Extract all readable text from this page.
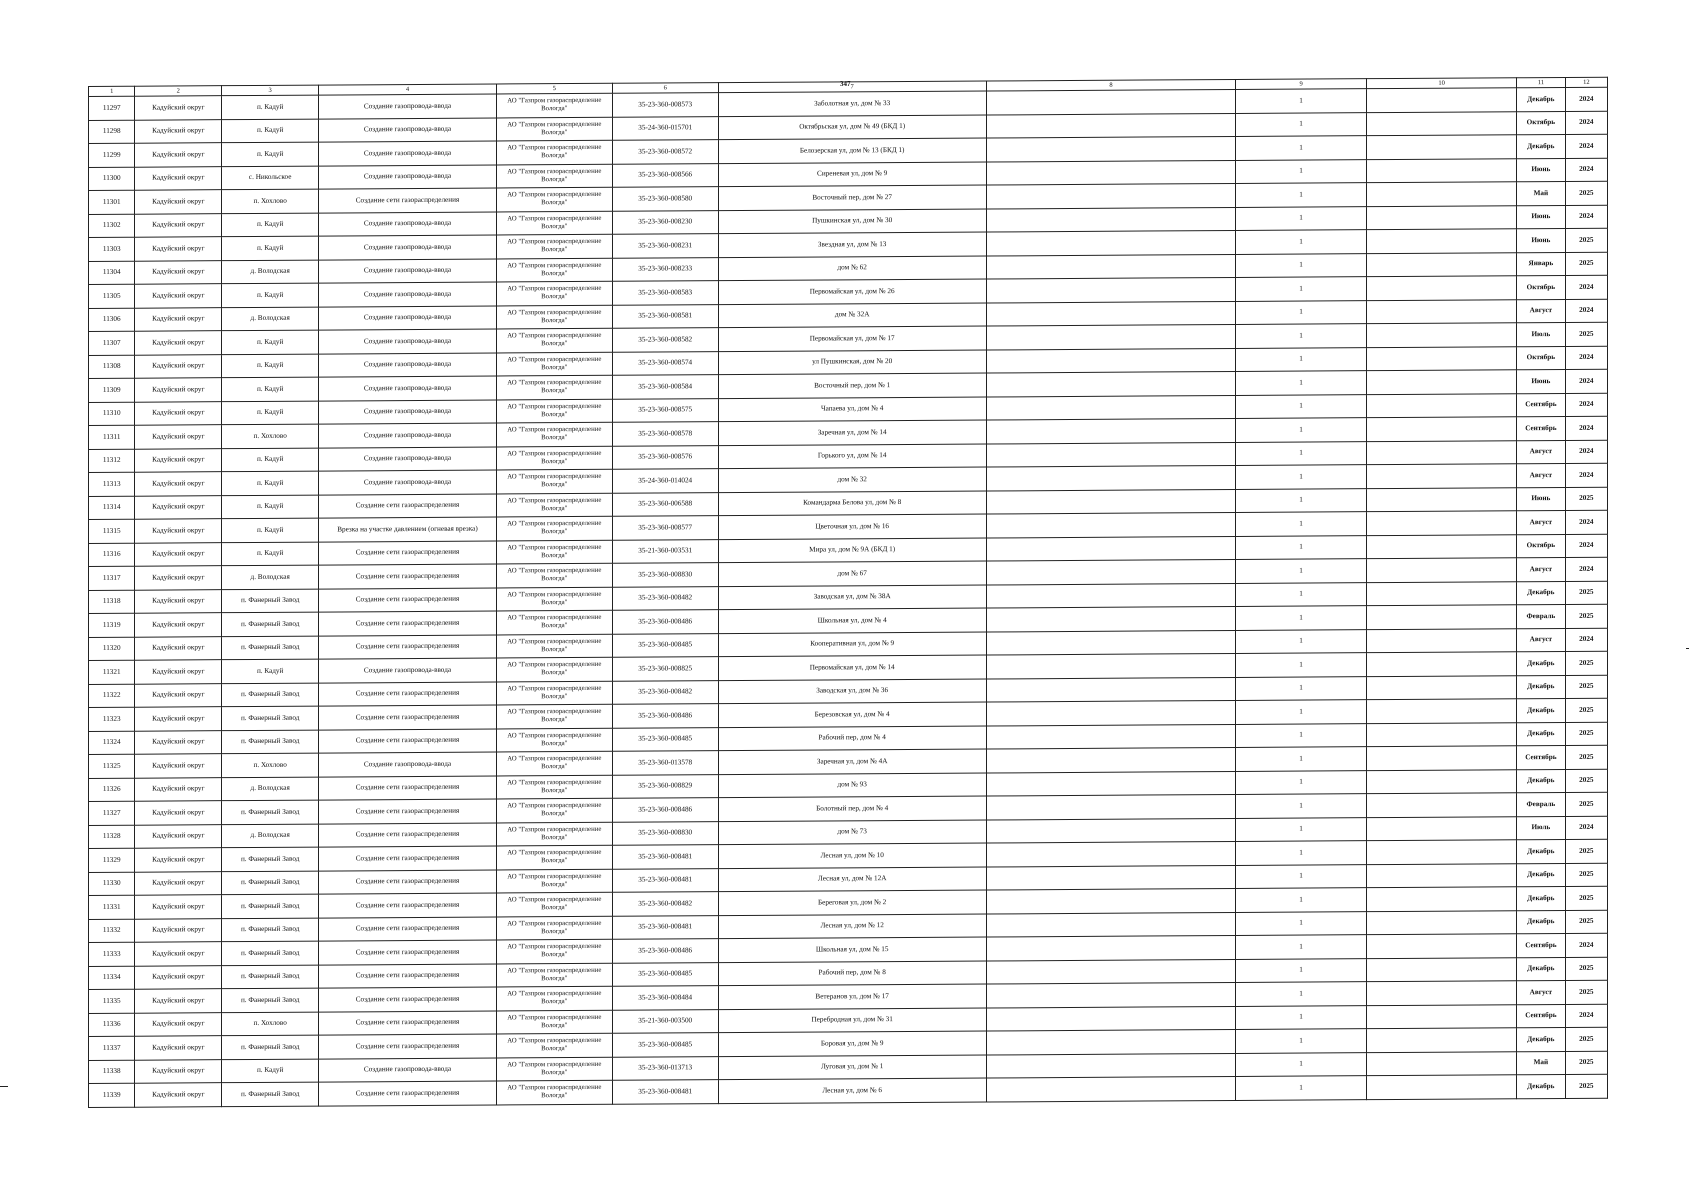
347
1	2	3	4	5	6	7	8	9	10	11	12
11297	Кадуйский округ	п. Кадуй	Создание газопровода-ввода	АО "Газпром газораспределение Вологда"	35-23-360-008573	Заболотная ул, дом № 33		1		Декабрь	2024
11298	Кадуйский округ	п. Кадуй	Создание газопровода-ввода	АО "Газпром газораспределение Вологда"	35-24-360-015701	Октябрьская ул, дом № 49 (БКД 1)		1		Октябрь	2024
11299	Кадуйский округ	п. Кадуй	Создание газопровода-ввода	АО "Газпром газораспределение Вологда"	35-23-360-008572	Белозерская ул, дом № 13 (БКД 1)		1		Декабрь	2024
11300	Кадуйский округ	с. Никольское	Создание газопровода-ввода	АО "Газпром газораспределение Вологда"	35-23-360-008566	Сиреневая ул, дом № 9		1		Июнь	2024
11301	Кадуйский округ	п. Хохлово	Создание сети газораспределения	АО "Газпром газораспределение Вологда"	35-23-360-008580	Восточный пер, дом № 27		1		Май	2025
11302	Кадуйский округ	п. Кадуй	Создание газопровода-ввода	АО "Газпром газораспределение Вологда"	35-23-360-008230	Пушкинская ул, дом № 30		1		Июнь	2024
11303	Кадуйский округ	п. Кадуй	Создание газопровода-ввода	АО "Газпром газораспределение Вологда"	35-23-360-008231	Звездная ул, дом № 13		1		Июнь	2025
11304	Кадуйский округ	д. Володская	Создание газопровода-ввода	АО "Газпром газораспределение Вологда"	35-23-360-008233	дом № 62		1		Январь	2025
11305	Кадуйский округ	п. Кадуй	Создание газопровода-ввода	АО "Газпром газораспределение Вологда"	35-23-360-008583	Первомайская ул, дом № 26		1		Октябрь	2024
11306	Кадуйский округ	д. Володская	Создание газопровода-ввода	АО "Газпром газораспределение Вологда"	35-23-360-008581	дом № 32А		1		Август	2024
11307	Кадуйский округ	п. Кадуй	Создание газопровода-ввода	АО "Газпром газораспределение Вологда"	35-23-360-008582	Первомайская ул, дом № 17		1		Июль	2025
11308	Кадуйский округ	п. Кадуй	Создание газопровода-ввода	АО "Газпром газораспределение Вологда"	35-23-360-008574	ул Пушкинская, дом № 20		1		Октябрь	2024
11309	Кадуйский округ	п. Кадуй	Создание газопровода-ввода	АО "Газпром газораспределение Вологда"	35-23-360-008584	Восточный пер, дом № 1		1		Июнь	2024
11310	Кадуйский округ	п. Кадуй	Создание газопровода-ввода	АО "Газпром газораспределение Вологда"	35-23-360-008575	Чапаева ул, дом № 4		1		Сентябрь	2024
11311	Кадуйский округ	п. Хохлово	Создание газопровода-ввода	АО "Газпром газораспределение Вологда"	35-23-360-008578	Заречная ул, дом № 14		1		Сентябрь	2024
11312	Кадуйский округ	п. Кадуй	Создание газопровода-ввода	АО "Газпром газораспределение Вологда"	35-23-360-008576	Горького ул, дом № 14		1		Август	2024
11313	Кадуйский округ	п. Кадуй	Создание газопровода-ввода	АО "Газпром газораспределение Вологда"	35-24-360-014024	дом № 32		1		Август	2024
11314	Кадуйский округ	п. Кадуй	Создание сети газораспределения	АО "Газпром газораспределение Вологда"	35-23-360-006588	Командарма Белова ул, дом № 8		1		Июнь	2025
11315	Кадуйский округ	п. Кадуй	Врезка на участке давлением (огневая врезка)	АО "Газпром газораспределение Вологда"	35-23-360-008577	Цветочная ул, дом № 16		1		Август	2024
11316	Кадуйский округ	п. Кадуй	Создание сети газораспределения	АО "Газпром газораспределение Вологда"	35-21-360-003531	Мира ул, дом № 9А (БКД 1)		1		Октябрь	2024
11317	Кадуйский округ	д. Володская	Создание сети газораспределения	АО "Газпром газораспределение Вологда"	35-23-360-008830	дом № 67		1		Август	2024
11318	Кадуйский округ	п. Фанерный Завод	Создание сети газораспределения	АО "Газпром газораспределение Вологда"	35-23-360-008482	Заводская ул, дом № 38А		1		Декабрь	2025
11319	Кадуйский округ	п. Фанерный Завод	Создание сети газораспределения	АО "Газпром газораспределение Вологда"	35-23-360-008486	Школьная ул, дом № 4		1		Февраль	2025
11320	Кадуйский округ	п. Фанерный Завод	Создание сети газораспределения	АО "Газпром газораспределение Вологда"	35-23-360-008485	Кооперативная ул, дом № 9		1		Август	2024
11321	Кадуйский округ	п. Кадуй	Создание газопровода-ввода	АО "Газпром газораспределение Вологда"	35-23-360-008825	Первомайская ул, дом № 14		1		Декабрь	2025
11322	Кадуйский округ	п. Фанерный Завод	Создание сети газораспределения	АО "Газпром газораспределение Вологда"	35-23-360-008482	Заводская ул, дом № 36		1		Декабрь	2025
11323	Кадуйский округ	п. Фанерный Завод	Создание сети газораспределения	АО "Газпром газораспределение Вологда"	35-23-360-008486	Березовская ул, дом № 4		1		Декабрь	2025
11324	Кадуйский округ	п. Фанерный Завод	Создание сети газораспределения	АО "Газпром газораспределение Вологда"	35-23-360-008485	Рабочий пер, дом № 4		1		Декабрь	2025
11325	Кадуйский округ	п. Хохлово	Создание газопровода-ввода	АО "Газпром газораспределение Вологда"	35-23-360-013578	Заречная ул, дом № 4А		1		Сентябрь	2025
11326	Кадуйский округ	д. Володская	Создание сети газораспределения	АО "Газпром газораспределение Вологда"	35-23-360-008829	дом № 93		1		Декабрь	2025
11327	Кадуйский округ	п. Фанерный Завод	Создание сети газораспределения	АО "Газпром газораспределение Вологда"	35-23-360-008486	Болотный пер, дом № 4		1		Февраль	2025
11328	Кадуйский округ	д. Володская	Создание сети газораспределения	АО "Газпром газораспределение Вологда"	35-23-360-008830	дом № 73		1		Июль	2024
11329	Кадуйский округ	п. Фанерный Завод	Создание сети газораспределения	АО "Газпром газораспределение Вологда"	35-23-360-008481	Лесная ул, дом № 10		1		Декабрь	2025
11330	Кадуйский округ	п. Фанерный Завод	Создание сети газораспределения	АО "Газпром газораспределение Вологда"	35-23-360-008481	Лесная ул, дом № 12А		1		Декабрь	2025
11331	Кадуйский округ	п. Фанерный Завод	Создание сети газораспределения	АО "Газпром газораспределение Вологда"	35-23-360-008482	Береговая ул, дом № 2		1		Декабрь	2025
11332	Кадуйский округ	п. Фанерный Завод	Создание сети газораспределения	АО "Газпром газораспределение Вологда"	35-23-360-008481	Лесная ул, дом № 12		1		Декабрь	2025
11333	Кадуйский округ	п. Фанерный Завод	Создание сети газораспределения	АО "Газпром газораспределение Вологда"	35-23-360-008486	Школьная ул, дом № 15		1		Сентябрь	2024
11334	Кадуйский округ	п. Фанерный Завод	Создание сети газораспределения	АО "Газпром газораспределение Вологда"	35-23-360-008485	Рабочий пер, дом № 8		1		Декабрь	2025
11335	Кадуйский округ	п. Фанерный Завод	Создание сети газораспределения	АО "Газпром газораспределение Вологда"	35-23-360-008484	Ветеранов ул, дом № 17		1		Август	2025
11336	Кадуйский округ	п. Хохлово	Создание сети газораспределения	АО "Газпром газораспределение Вологда"	35-21-360-003500	Перебродная ул, дом № 31		1		Сентябрь	2024
11337	Кадуйский округ	п. Фанерный Завод	Создание сети газораспределения	АО "Газпром газораспределение Вологда"	35-23-360-008485	Боровая ул, дом № 9		1		Декабрь	2025
11338	Кадуйский округ	п. Кадуй	Создание газопровода-ввода	АО "Газпром газораспределение Вологда"	35-23-360-013713	Луговая ул, дом № 1		1		Май	2025
11339	Кадуйский округ	п. Фанерный Завод	Создание сети газораспределения	АО "Газпром газораспределение Вологда"	35-23-360-008481	Лесная ул, дом № 6		1		Декабрь	2025
